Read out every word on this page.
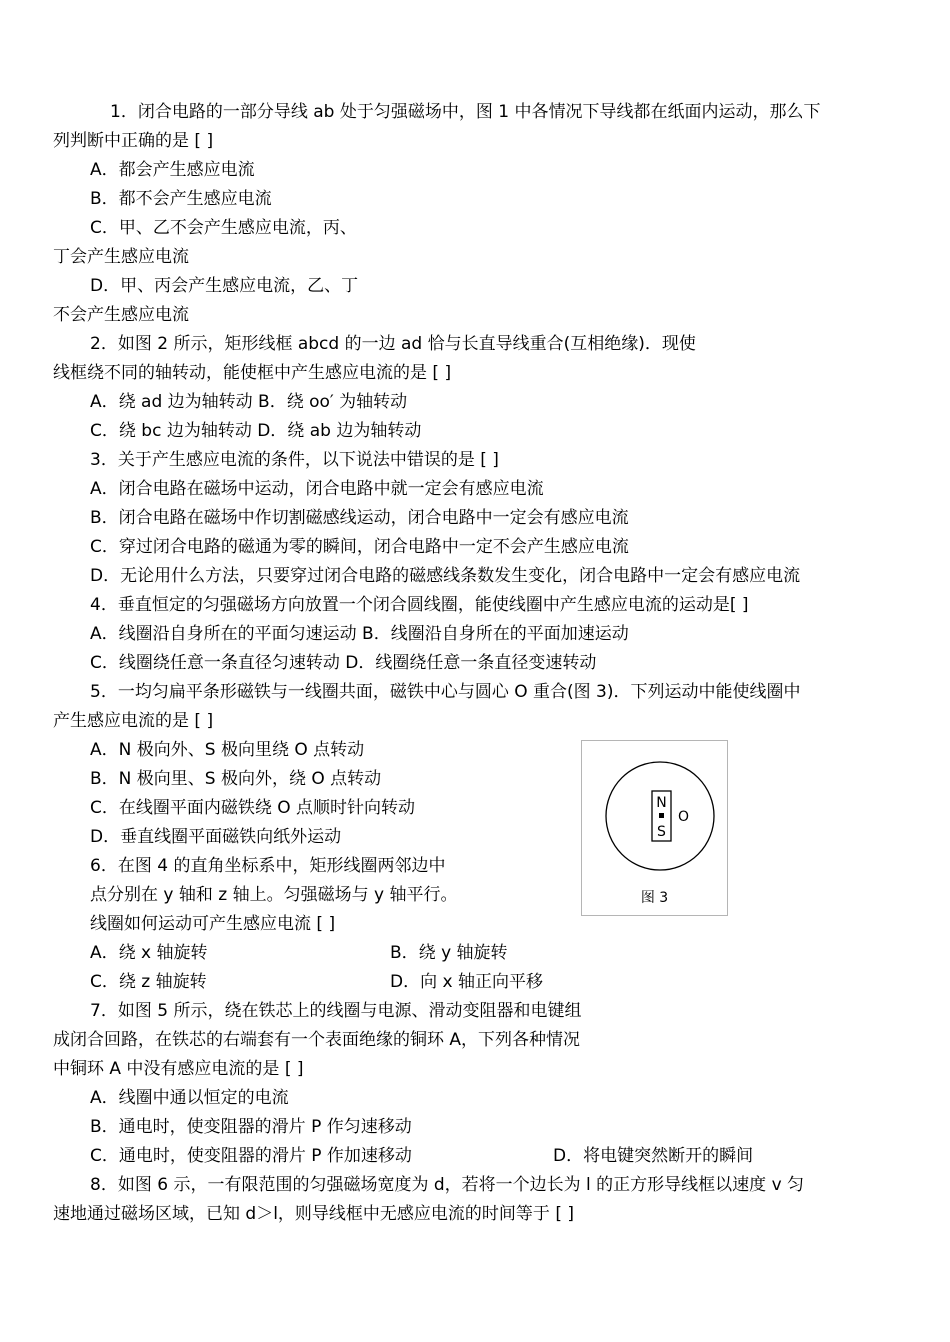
1．闭合电路的一部分导线 ab 处于匀强磁场中，图 1 中各情况下导线都在纸面内运动，那么下
列判断中正确的是 [ ]
A．都会产生感应电流
B．都不会产生感应电流
C．甲、乙不会产生感应电流，丙、
丁会产生感应电流
D．甲、丙会产生感应电流，乙、丁
不会产生感应电流
2．如图 2 所示，矩形线框 abcd 的一边 ad 恰与长直导线重合(互相绝缘)．现使
线框绕不同的轴转动，能使框中产生感应电流的是 [ ]
A．绕 ad 边为轴转动 B．绕 oo′ 为轴转动
C．绕 bc 边为轴转动 D．绕 ab 边为轴转动
3．关于产生感应电流的条件，以下说法中错误的是 [ ]
A．闭合电路在磁场中运动，闭合电路中就一定会有感应电流
B．闭合电路在磁场中作切割磁感线运动，闭合电路中一定会有感应电流
C．穿过闭合电路的磁通为零的瞬间，闭合电路中一定不会产生感应电流
D．无论用什么方法，只要穿过闭合电路的磁感线条数发生变化，闭合电路中一定会有感应电流
4．垂直恒定的匀强磁场方向放置一个闭合圆线圈，能使线圈中产生感应电流的运动是[ ]
A．线圈沿自身所在的平面匀速运动 B．线圈沿自身所在的平面加速运动
C．线圈绕任意一条直径匀速转动 D．线圈绕任意一条直径变速转动
5．一均匀扁平条形磁铁与一线圈共面，磁铁中心与圆心 O 重合(图 3)．下列运动中能使线圈中
产生感应电流的是 [ ]
A．N 极向外、S 极向里绕 O 点转动
B．N 极向里、S 极向外，绕 O 点转动
C．在线圈平面内磁铁绕 O 点顺时针向转动
D．垂直线圈平面磁铁向纸外运动
6．在图 4 的直角坐标系中，矩形线圈两邻边中
点分别在 y 轴和 z 轴上。匀强磁场与 y 轴平行。
线圈如何运动可产生感应电流 [ ]
A．绕 x 轴旋转	B．绕 y 轴旋转
C．绕 z 轴旋转	D．向 x 轴正向平移
7．如图 5 所示，绕在铁芯上的线圈与电源、滑动变阻器和电键组
成闭合回路，在铁芯的右端套有一个表面绝缘的铜环 A，下列各种情况
中铜环 A 中没有感应电流的是 [ ]
A．线圈中通以恒定的电流
B．通电时，使变阻器的滑片 P 作匀速移动
C．通电时，使变阻器的滑片 P 作加速移动	D．将电键突然断开的瞬间
8．如图 6 示，一有限范围的匀强磁场宽度为 d，若将一个边长为 l 的正方形导线框以速度 v 匀
速地通过磁场区域，已知 d＞l，则导线框中无感应电流的时间等于 [ ]
N
S
O
图 3
